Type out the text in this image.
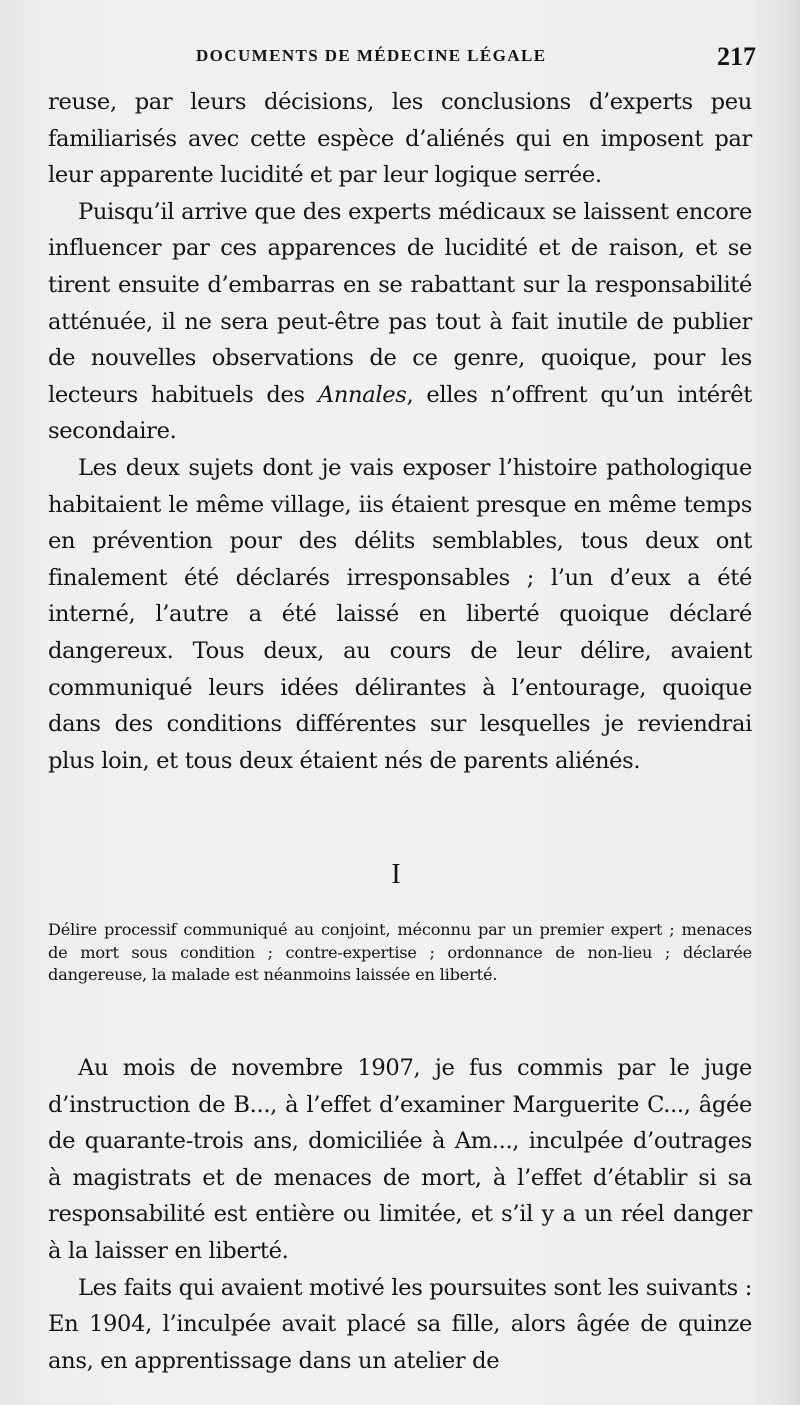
DOCUMENTS DE MÉDECINE LÉGALE	217

reuse, par leurs décisions, les conclusions d’experts peu familiarisés avec cette espèce d’aliénés qui en imposent par leur apparente lucidité et par leur logique serrée.

Puisqu’il arrive que des experts médicaux se laissent encore influencer par ces apparences de lucidité et de raison, et se tirent ensuite d’embarras en se rabattant sur la responsabilité atténuée, il ne sera peut-être pas tout à fait inutile de publier de nouvelles observations de ce genre, quoique, pour les lecteurs habituels des Annales, elles n’offrent qu’un intérêt secondaire.

Les deux sujets dont je vais exposer l’histoire pathologique habitaient le même village, iis étaient presque en même temps en prévention pour des délits semblables, tous deux ont finalement été déclarés irresponsables ; l’un d’eux a été interné, l’autre a été laissé en liberté quoique déclaré dangereux. Tous deux, au cours de leur délire, avaient communiqué leurs idées délirantes à l’entourage, quoique dans des conditions différentes sur lesquelles je reviendrai plus loin, et tous deux étaient nés de parents aliénés.

I
Délire processif communiqué au conjoint, méconnu par un premier expert ; menaces de mort sous condition ; contre-expertise ; ordonnance de non-lieu ; déclarée dangereuse, la malade est néanmoins laissée en liberté.

Au mois de novembre 1907, je fus commis par le juge d’instruction de B..., à l’effet d’examiner Marguerite C..., âgée de quarante-trois ans, domiciliée à Am..., inculpée d’outrages à magistrats et de menaces de mort, à l’effet d’établir si sa responsabilité est entière ou limitée, et s’il y a un réel danger à la laisser en liberté.

Les faits qui avaient motivé les poursuites sont les suivants : En 1904, l’inculpée avait placé sa fille, alors âgée de quinze ans, en apprentissage dans un atelier de
